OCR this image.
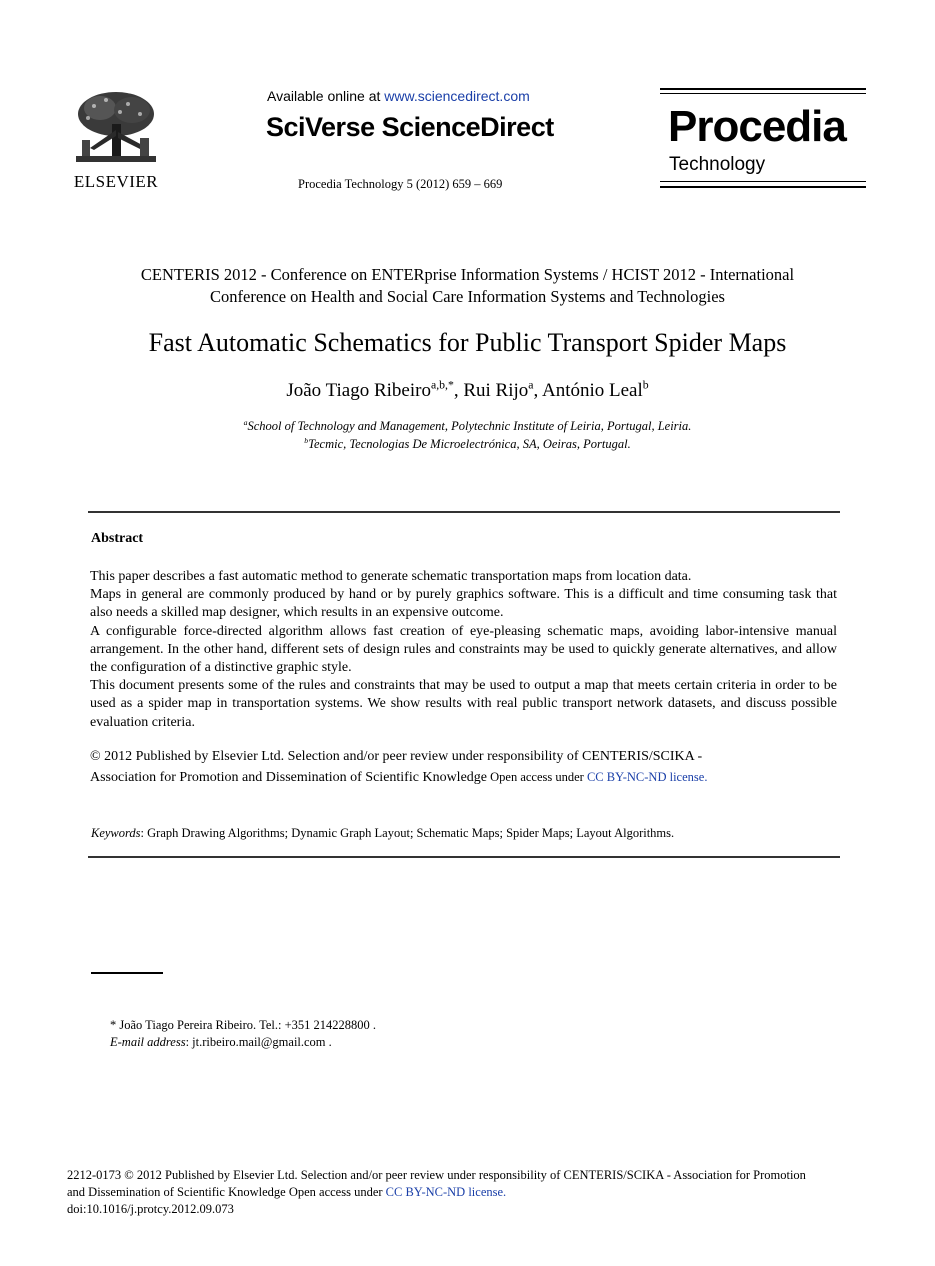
ELSEVIER
Available online at www.sciencedirect.com
SciVerse ScienceDirect
Procedia Technology 5 (2012) 659 – 669
Procedia
Technology
CENTERIS 2012 - Conference on ENTERprise Information Systems / HCIST 2012 - International
Conference on Health and Social Care Information Systems and Technologies
Fast Automatic Schematics for Public Transport Spider Maps
João Tiago Ribeiro$^{a,b,*}$, Rui Rijo$^a$, António Leal$^b$
$^a$School of Technology and Management, Polytechnic Institute of Leiria, Portugal, Leiria.
$^b$Tecmic, Tecnologias De Microelectrónica, SA, Oeiras, Portugal.
Abstract

This paper describes a fast automatic method to generate schematic transportation maps from location data.

Maps in general are commonly produced by hand or by purely graphics software. This is a difficult and time consuming task that also needs a skilled map designer, which results in an expensive outcome.

A configurable force-directed algorithm allows fast creation of eye-pleasing schematic maps, avoiding labor-intensive manual arrangement. In the other hand, different sets of design rules and constraints may be used to quickly generate alternatives, and allow the configuration of a distinctive graphic style.

This document presents some of the rules and constraints that may be used to output a map that meets certain criteria in order to be used as a spider map in transportation systems. We show results with real public transport network datasets, and discuss possible evaluation criteria.

© 2012 Published by Elsevier Ltd. Selection and/or peer review under responsibility of CENTERIS/SCIKA -
Association for Promotion and Dissemination of Scientific Knowledge Open access under CC BY-NC-ND license.
Keywords: Graph Drawing Algorithms; Dynamic Graph Layout; Schematic Maps; Spider Maps; Layout Algorithms.
* João Tiago Pereira Ribeiro. Tel.: +351 214228800 .
E-mail address: jt.ribeiro.mail@gmail.com .
2212-0173 © 2012 Published by Elsevier Ltd. Selection and/or peer review under responsibility of CENTERIS/SCIKA - Association for Promotion
and Dissemination of Scientific Knowledge Open access under CC BY-NC-ND license.
doi:10.1016/j.protcy.2012.09.073
